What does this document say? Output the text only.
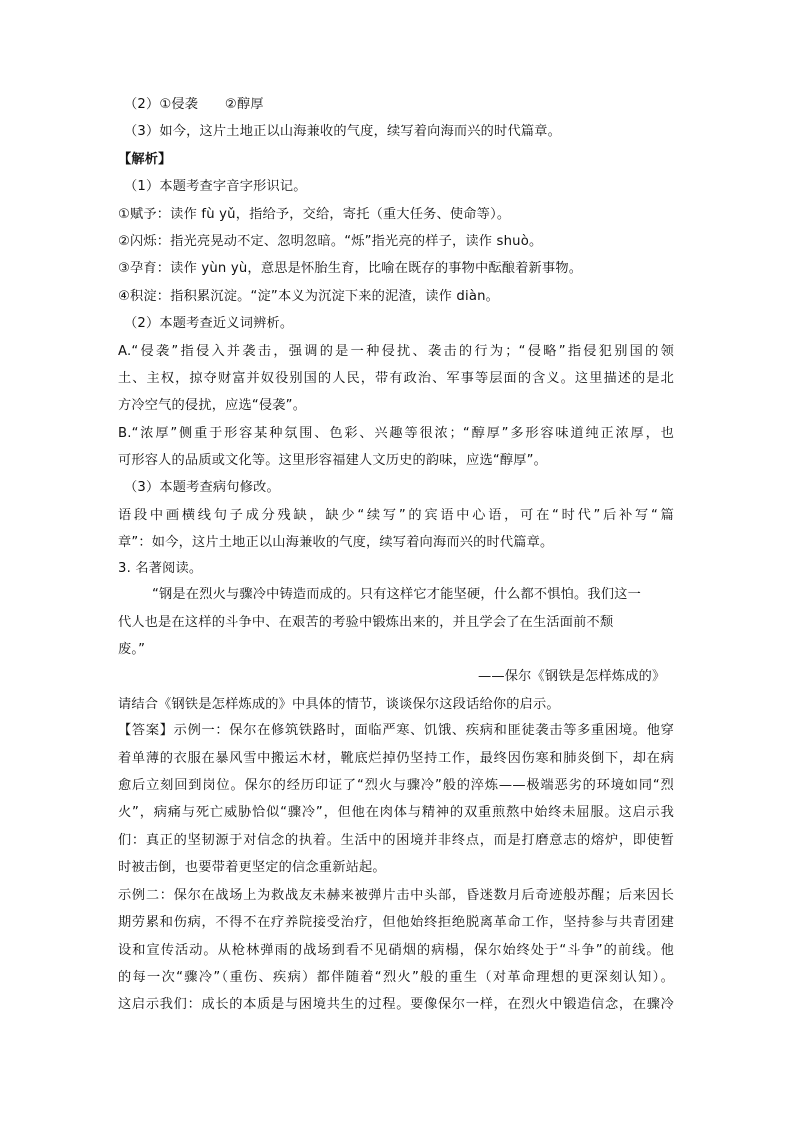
（2）①侵袭　　②醇厚
（3）如今，这片土地正以山海兼收的气度，续写着向海而兴的时代篇章。
【解析】
（1）本题考查字音字形识记。
①赋予：读作 fù yǔ，指给予，交给，寄托（重大任务、使命等）。
②闪烁：指光亮晃动不定、忽明忽暗。“烁”指光亮的样子，读作 shuò。
③孕育：读作 yùn yù，意思是怀胎生育，比喻在既存的事物中酝酿着新事物。
④积淀：指积累沉淀。“淀”本义为沉淀下来的泥渣，读作 diàn。
（2）本题考查近义词辨析。
A.“侵袭”指侵入并袭击，强调的是一种侵扰、袭击的行为；“侵略”指侵犯别国的领
土、主权，掠夺财富并奴役别国的人民，带有政治、军事等层面的含义。这里描述的是北
方冷空气的侵扰，应选“侵袭”。
B.“浓厚”侧重于形容某种氛围、色彩、兴趣等很浓；“醇厚”多形容味道纯正浓厚，也
可形容人的品质或文化等。这里形容福建人文历史的韵味，应选“醇厚”。
（3）本题考查病句修改。
语段中画横线句子成分残缺，缺少“续写”的宾语中心语，可在“时代”后补写“篇
章”：如今，这片土地正以山海兼收的气度，续写着向海而兴的时代篇章。
3. 名著阅读。
“钢是在烈火与骤冷中铸造而成的。只有这样它才能坚硬，什么都不惧怕。我们这一
代人也是在这样的斗争中、在艰苦的考验中锻炼出来的，并且学会了在生活面前不颓
废。”
——保尔《钢铁是怎样炼成的》
请结合《钢铁是怎样炼成的》中具体的情节，谈谈保尔这段话给你的启示。
【答案】示例一：保尔在修筑铁路时，面临严寒、饥饿、疾病和匪徒袭击等多重困境。他穿
着单薄的衣服在暴风雪中搬运木材，靴底烂掉仍坚持工作，最终因伤寒和肺炎倒下，却在病
愈后立刻回到岗位。保尔的经历印证了“烈火与骤冷”般的淬炼——极端恶劣的环境如同“烈
火”，病痛与死亡威胁恰似“骤冷”，但他在肉体与精神的双重煎熬中始终未屈服。这启示我
们：真正的坚韧源于对信念的执着。生活中的困境并非终点，而是打磨意志的熔炉，即使暂
时被击倒，也要带着更坚定的信念重新站起。
示例二：保尔在战场上为救战友未赫来被弹片击中头部，昏迷数月后奇迹般苏醒；后来因长
期劳累和伤病，不得不在疗养院接受治疗，但他始终拒绝脱离革命工作，坚持参与共青团建
设和宣传活动。从枪林弹雨的战场到看不见硝烟的病榻，保尔始终处于“斗争”的前线。他
的每一次“骤冷”（重伤、疾病）都伴随着“烈火”般的重生（对革命理想的更深刻认知）。
这启示我们：成长的本质是与困境共生的过程。要像保尔一样，在烈火中锻造信念，在骤冷
